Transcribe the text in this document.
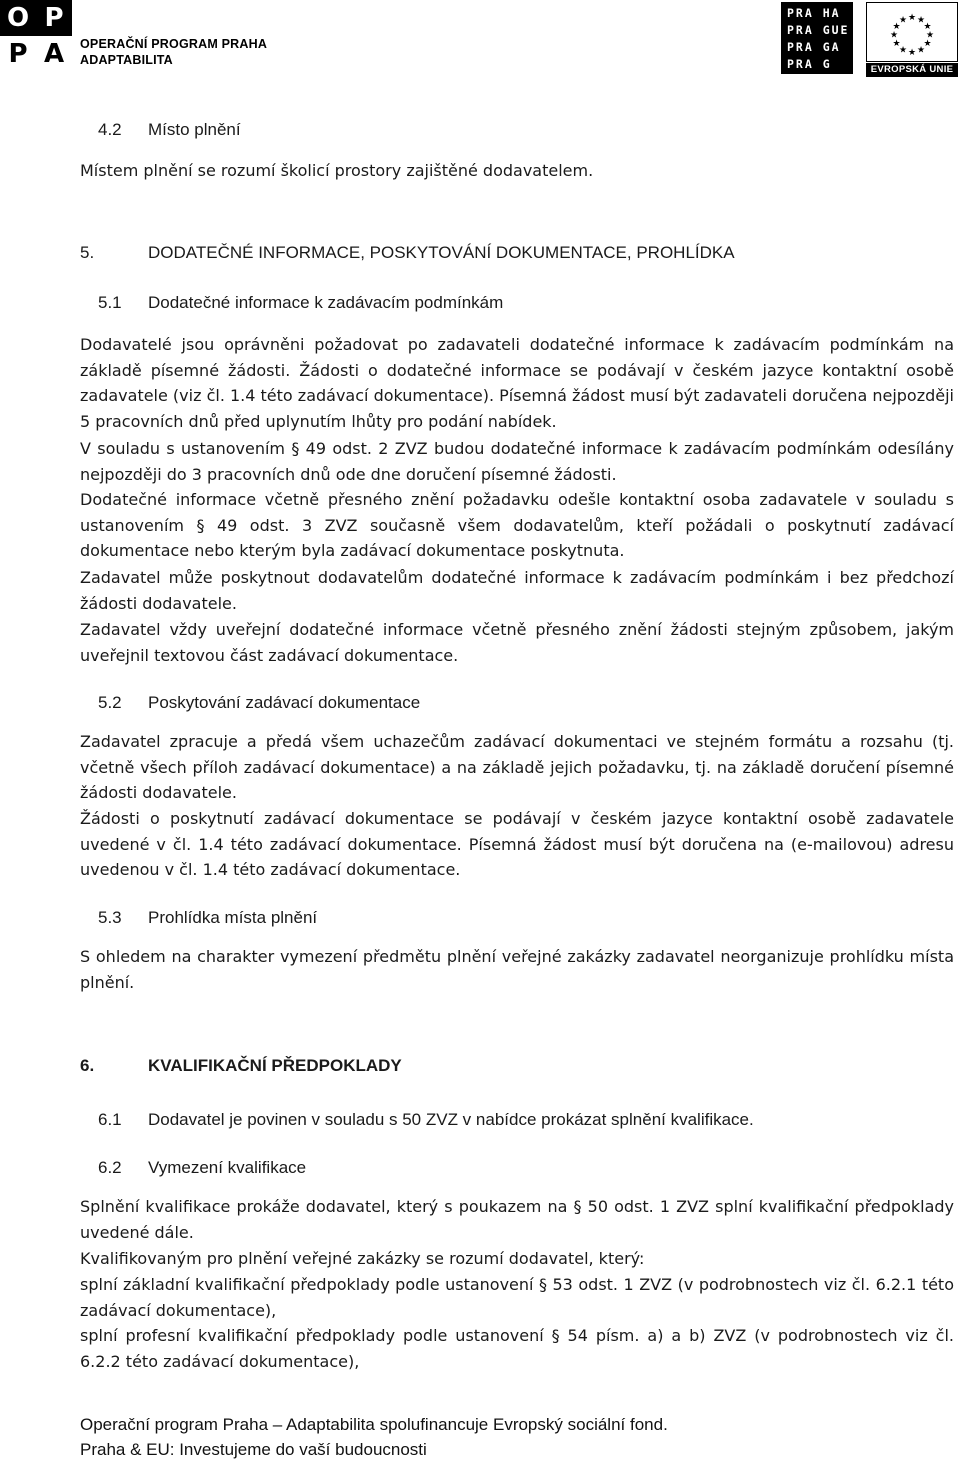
O P
P A	OPERAČNÍ PROGRAM PRAHA
ADAPTABILITA
PRA HA
PRA GUE
PRA GA
PRA G
★ ★
★
★
★
★
★
★
★
★
★
★
EVROPSKÁ UNIE
4.2 Místo plnění
Místem plnění se rozumí školicí prostory zajištěné dodavatelem.
5.	DODATEČNÉ INFORMACE, POSKYTOVÁNÍ DOKUMENTACE, PROHLÍDKA
5.1 Dodatečné informace k zadávacím podmínkám
Dodavatelé jsou oprávněni požadovat po zadavateli dodatečné informace k zadávacím podmínkám na základě písemné žádosti. Žádosti o dodatečné informace se podávají v českém jazyce kontaktní osobě zadavatele (viz čl. 1.4 této zadávací dokumentace). Písemná žádost musí být zadavateli doručena nejpozději 5 pracovních dnů před uplynutím lhůty pro podání nabídek.
V souladu s ustanovením § 49 odst. 2 ZVZ budou dodatečné informace k zadávacím podmínkám odesílány nejpozději do 3 pracovních dnů ode dne doručení písemné žádosti.
Dodatečné informace včetně přesného znění požadavku odešle kontaktní osoba zadavatele v souladu s ustanovením § 49 odst. 3 ZVZ současně všem dodavatelům, kteří požádali o poskytnutí zadávací dokumentace nebo kterým byla zadávací dokumentace poskytnuta.
Zadavatel může poskytnout dodavatelům dodatečné informace k zadávacím podmínkám i bez předchozí žádosti dodavatele.
Zadavatel vždy uveřejní dodatečné informace včetně přesného znění žádosti stejným způsobem, jakým uveřejnil textovou část zadávací dokumentace.
5.2 Poskytování zadávací dokumentace
Zadavatel zpracuje a předá všem uchazečům zadávací dokumentaci ve stejném formátu a rozsahu (tj. včetně všech příloh zadávací dokumentace) a na základě jejich požadavku, tj. na základě doručení písemné žádosti dodavatele.
Žádosti o poskytnutí zadávací dokumentace se podávají v českém jazyce kontaktní osobě zadavatele uvedené v čl. 1.4 této zadávací dokumentace. Písemná žádost musí být doručena na (e-mailovou) adresu uvedenou v čl. 1.4 této zadávací dokumentace.
5.3 Prohlídka místa plnění
S ohledem na charakter vymezení předmětu plnění veřejné zakázky zadavatel neorganizuje prohlídku místa plnění.
6.	KVALIFIKAČNÍ PŘEDPOKLADY
6.1 Dodavatel je povinen v souladu s 50 ZVZ v nabídce prokázat splnění kvalifikace.
6.2 Vymezení kvalifikace
Splnění kvalifikace prokáže dodavatel, který s poukazem na § 50 odst. 1 ZVZ splní kvalifikační předpoklady uvedené dále.
Kvalifikovaným pro plnění veřejné zakázky se rozumí dodavatel, který:
splní základní kvalifikační předpoklady podle ustanovení § 53 odst. 1 ZVZ (v podrobnostech viz čl. 6.2.1 této zadávací dokumentace),
splní profesní kvalifikační předpoklady podle ustanovení § 54 písm. a) a b) ZVZ (v podrobnostech viz čl. 6.2.2 této zadávací dokumentace),
Operační program Praha – Adaptabilita spolufinancuje Evropský sociální fond.
Praha & EU: Investujeme do vaší budoucnosti
